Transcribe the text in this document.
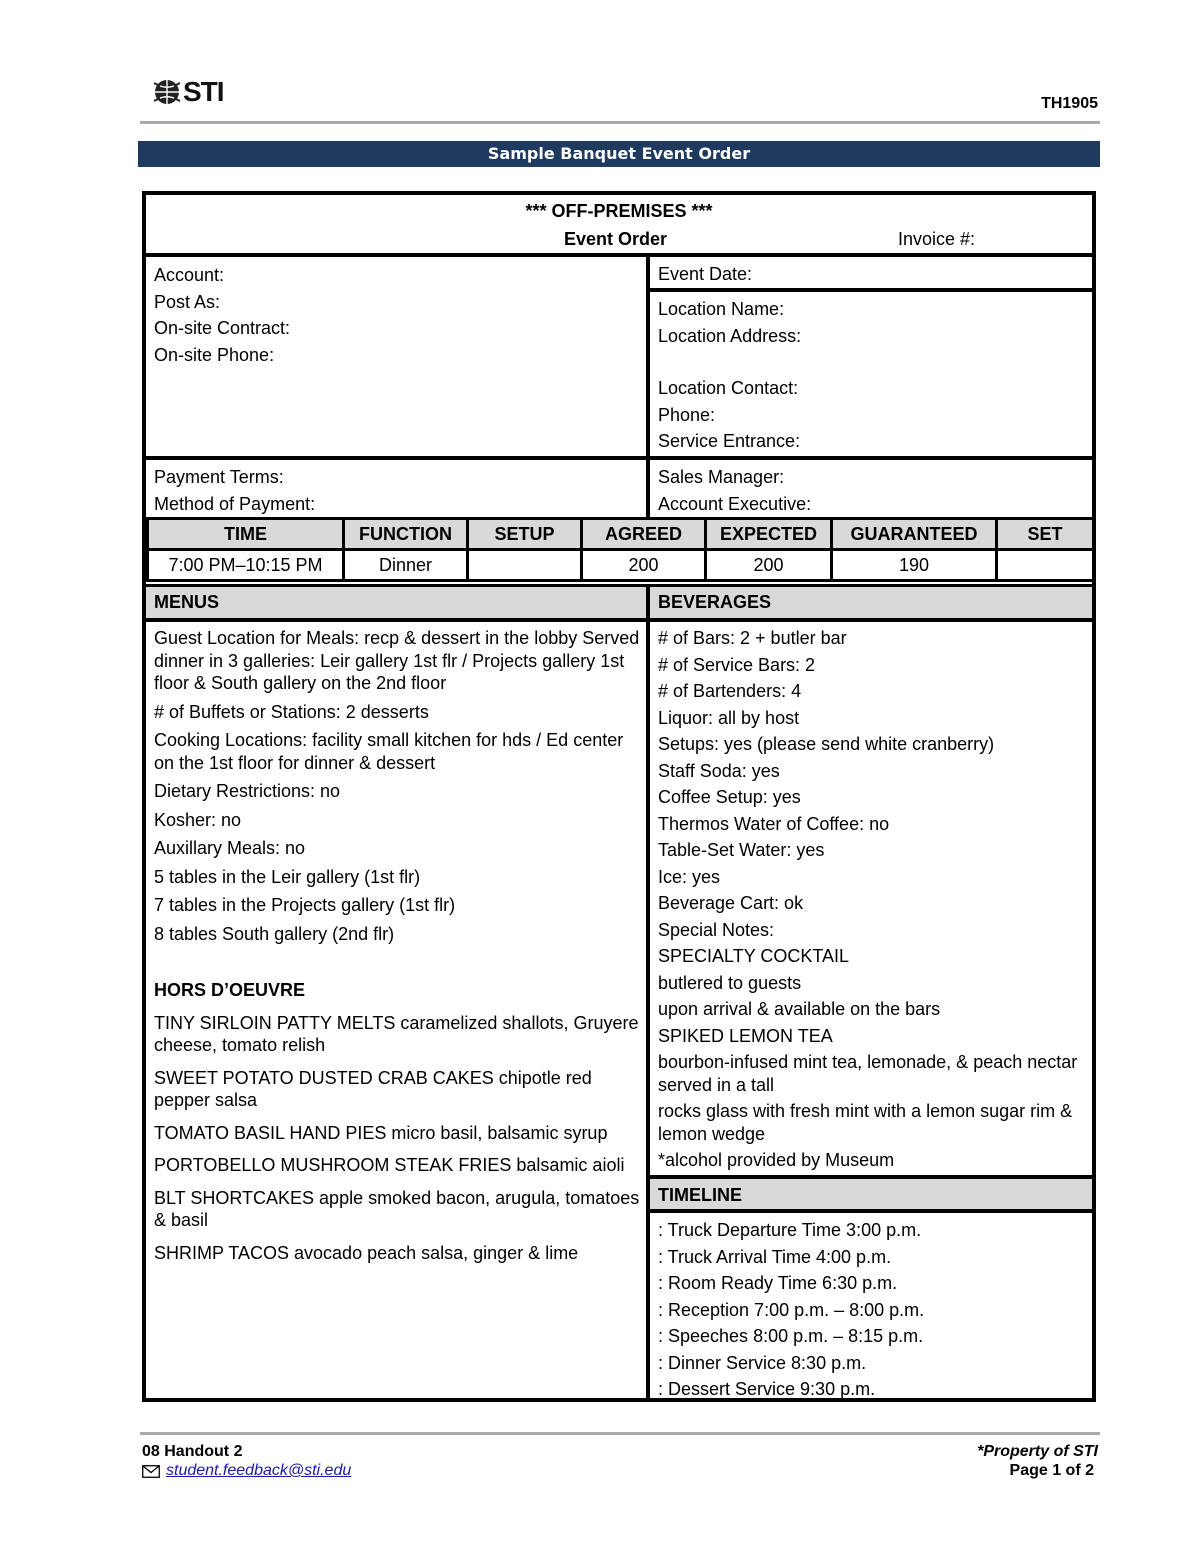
STI	TH1905
Sample Banquet Event Order
*** OFF-PREMISES ***
Event Order	Invoice #:
Account:
Post As:
On-site Contract:
On-site Phone:
Event Date:
Location Name:
Location Address:
Location Contact:
Phone:
Service Entrance:
Payment Terms:
Method of Payment:
Sales Manager:
Account Executive:
TIME	FUNCTION	SETUP	AGREED	EXPECTED	GUARANTEED	SET
7:00 PM–10:15 PM	Dinner		200	200	190	
MENUS	BEVERAGES
TIMELINE

Guest Location for Meals: recp & dessert in the lobby Served dinner in 3 galleries: Leir gallery 1st flr / Projects gallery 1st floor & South gallery on the 2nd floor

# of Buffets or Stations: 2 desserts

Cooking Locations: facility small kitchen for hds / Ed center on the 1st floor for dinner & dessert

Dietary Restrictions: no

Kosher: no

Auxillary Meals: no

5 tables in the Leir gallery (1st flr)

7 tables in the Projects gallery (1st flr)

8 tables South gallery (2nd flr)

HORS D’OEUVRE

TINY SIRLOIN PATTY MELTS caramelized shallots, Gruyere cheese, tomato relish

SWEET POTATO DUSTED CRAB CAKES chipotle red pepper salsa

TOMATO BASIL HAND PIES micro basil, balsamic syrup

PORTOBELLO MUSHROOM STEAK FRIES balsamic aioli

BLT SHORTCAKES apple smoked bacon, arugula, tomatoes & basil

SHRIMP TACOS avocado peach salsa, ginger & lime

# of Bars: 2 + butler bar

# of Service Bars: 2

# of Bartenders: 4

Liquor: all by host

Setups: yes (please send white cranberry)

Staff Soda: yes

Coffee Setup: yes

Thermos Water of Coffee: no

Table-Set Water: yes

Ice: yes

Beverage Cart: ok

Special Notes:

SPECIALTY COCKTAIL

butlered to guests

upon arrival & available on the bars

SPIKED LEMON TEA

bourbon-infused mint tea, lemonade, & peach nectar served in a tall

rocks glass with fresh mint with a lemon sugar rim & lemon wedge

*alcohol provided by Museum

: Truck Departure Time 3:00 p.m.
: Truck Arrival Time 4:00 p.m.
: Room Ready Time 6:30 p.m.
: Reception 7:00 p.m. – 8:00 p.m.
: Speeches 8:00 p.m. – 8:15 p.m.
: Dinner Service 8:30 p.m.
: Dessert Service 9:30 p.m.
08 Handout 2
student.feedback@sti.edu
*Property of STI
Page 1 of 2
